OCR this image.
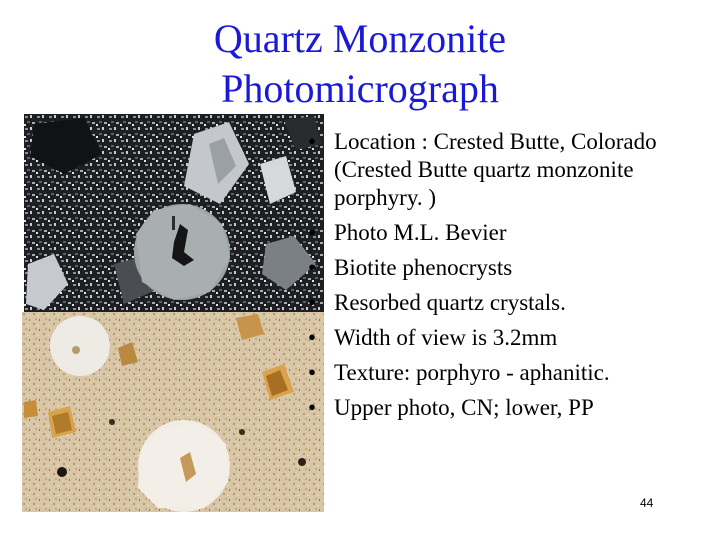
Quartz Monzonite
Photomicrograph
• Location : Crested Butte, Colorado (Crested Butte quartz monzonite porphyry. )
• Photo M.L. Bevier
• Biotite phenocrysts
• Resorbed quartz crystals.
• Width of view is 3.2mm
• Texture: porphyro - aphanitic.
• Upper photo, CN; lower, PP
44
